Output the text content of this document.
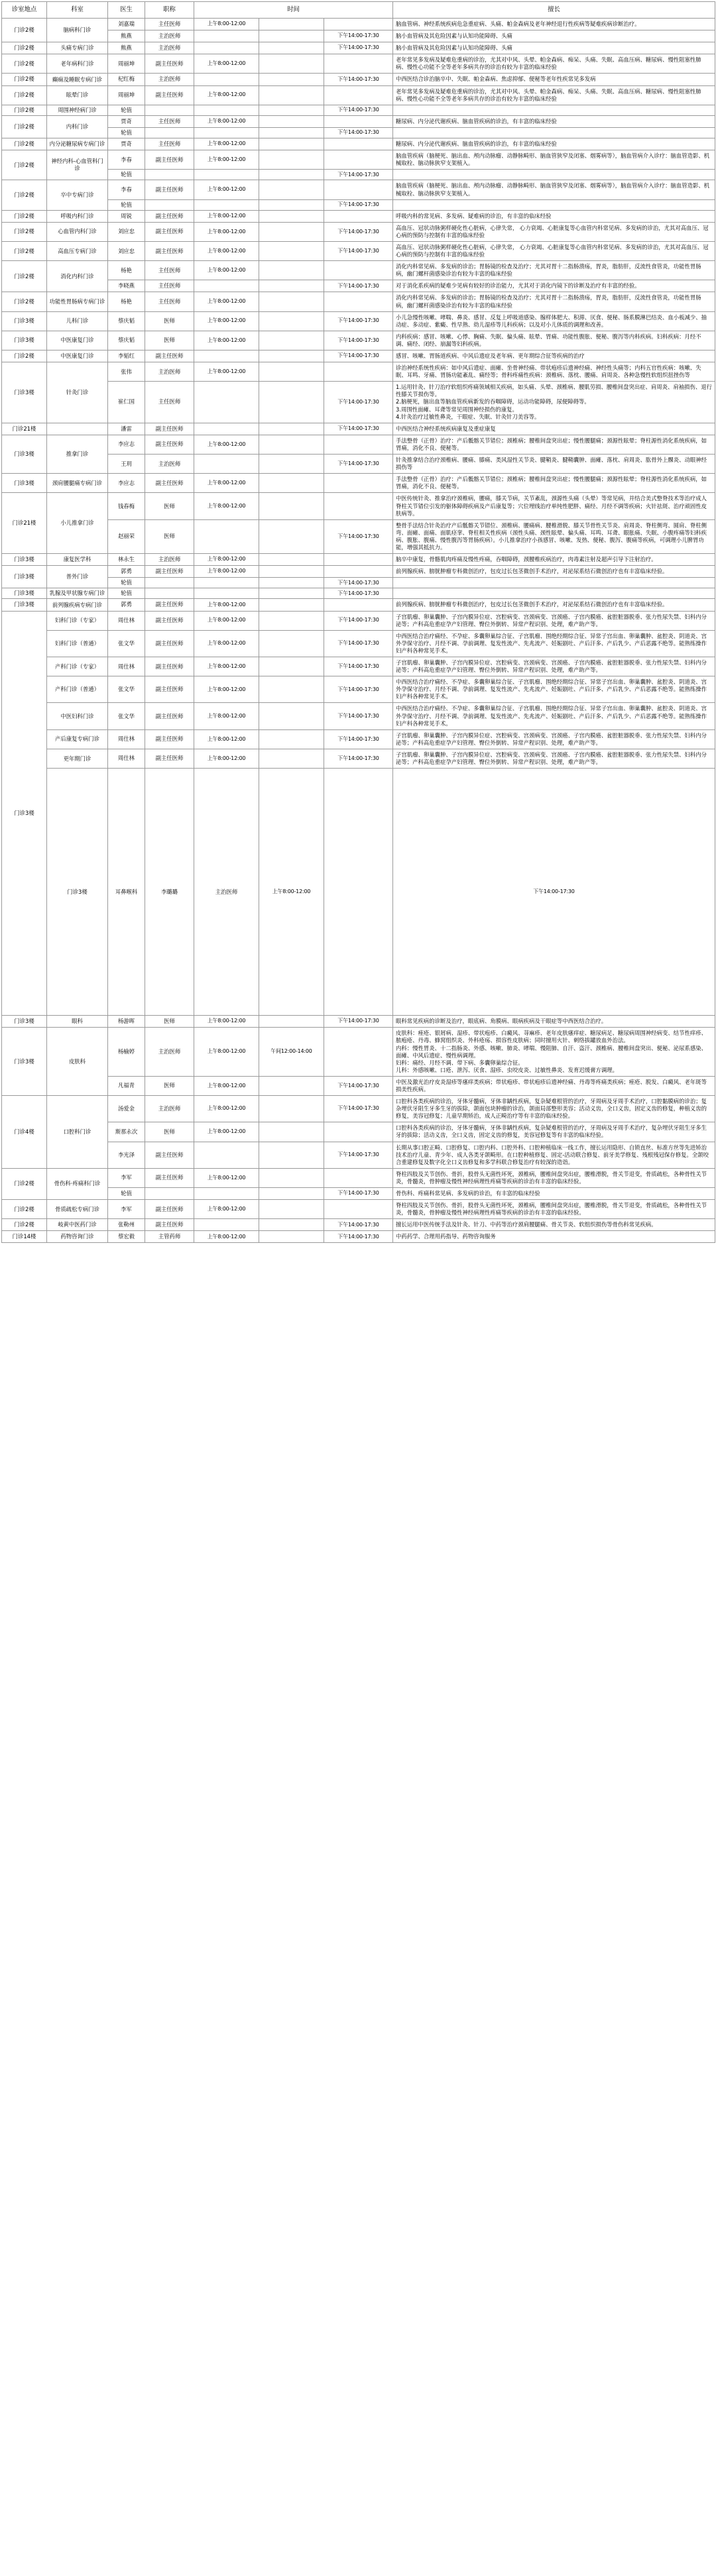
诊室地点	科室	医生	职称	时间			擅长	
门诊2楼	脑病科门诊	刘嘉瑞	主任医师	上午8:00-12:00			脑血管病、神经系统疾病危急重症病、头痛、帕金森病及老年神经退行性疾病等疑难疾病诊断治疗。	
		熊燕	主治医师			下午14:00-17:30	脑小血管病及其危险因素与认知功能障碍、头痛	
门诊2楼	头痛专病门诊	熊燕	主治医师			下午14:00-17:30	脑小血管病及其危险因素与认知功能障碍、头痛	
门诊2楼	老年病科门诊	周丽坤	副主任医师	上午8:00-12:00			老年常见多发病及疑难危重病的诊治，尤其对中风、头晕、帕金森病、痴呆、头痛、失眠、高血压病、糖尿病、慢性阻塞性肺病、慢性心功能不全等老年多病共存的诊治有较为丰富的临床经验	
门诊2楼	癫痫及睡眠专病门诊	杞红梅	主治医师			下午14:00-17:30	中西医结合诊治脑卒中、失眠、帕金森病、焦虑抑郁、便秘等老年性疾常见多发病	
门诊2楼	眩晕门诊	周丽坤	副主任医师	上午8:00-12:00			老年常见多发病及疑难危重病的诊治，尤其对中风、头晕、帕金森病、痴呆、头痛、失眠、高血压病、糖尿病、慢性阻塞性肺病、慢性心功能不全等老年多病共存的诊治有较为丰富的临床经验	
门诊2楼	周围神经病门诊	轮值				下午14:00-17:30		
门诊2楼	内科门诊	贾奇	主任医师	上午8:00-12:00			糖尿病、内分泌代谢疾病、脑血管疾病的诊治，有丰富的临床经验	
		轮值				下午14:00-17:30		
门诊2楼	内分泌糖尿病专病门诊	贾奇	主任医师	上午8:00-12:00			糖尿病、内分泌代谢疾病、脑血管疾病的诊治，有丰富的临床经验	
门诊2楼	神经内科-心血管科门诊	李春	副主任医师	上午8:00-12:00			脑血管疾病（脑梗死、脑出血、颅内动脉瘤、动静脉畸形、脑血管狭窄及闭塞、烟雾病等），脑血管病介入诊疗：脑血管造影、机械取栓、脑动脉狭窄支架植入。	
		轮值				下午14:00-17:30		
门诊2楼	卒中专病门诊	李春	副主任医师	上午8:00-12:00			脑血管疾病（脑梗死、脑出血、颅内动脉瘤、动静脉畸形、脑血管狭窄及闭塞、烟雾病等），脑血管病介入诊疗：脑血管造影、机械取栓、脑动脉狭窄支架植入。	
		轮值				下午14:00-17:30		
门诊2楼	呼吸内科门诊	周锐	副主任医师	上午8:00-12:00			呼吸内科的常见病、多发病、疑难病的诊治，有丰富的临床经验	
门诊2楼	心血管内科门诊	刘应忠	副主任医师	上午8:00-12:00		下午14:00-17:30	高血压、冠状动脉粥样硬化性心脏病，心律失常， 心力衰竭、心脏康复等心血管内科常见病、多发病的诊治，尤其对高血压、冠心病的预防与控制有丰富的临床经验	
门诊2楼	高血压专病门诊	刘应忠	副主任医师	上午8:00-12:00		下午14:00-17:30	高血压、冠状动脉粥样硬化性心脏病，心律失常， 心力衰竭、心脏康复等心血管内科常见病、多发病的诊治，尤其对高血压、冠心病的预防与控制有丰富的临床经验	
门诊2楼	消化内科门诊	杨艳	主任医师	上午8:00-12:00			消化内科常见病、多发病的诊治；胃肠镜的检查及治疗；尤其对胃十二指肠溃疡，胃炎，脂肪肝，反流性食管炎，功能性胃肠病，幽门螺杆菌感染诊治有较为丰富的临床经验	
		李晓燕	主任医师			下午14:00-17:30	对于消化系疾病的疑难少见病有较好的诊治能力，尤其对于消化内镜下的诊断及治疗有丰富的经验。	
门诊2楼	功能性胃肠病专病门诊	杨艳	主任医师	上午8:00-12:00			消化内科常见病、多发病的诊治；胃肠镜的检查及治疗；尤其对胃十二指肠溃疡，胃炎，脂肪肝，反流性食管炎，功能性胃肠病，幽门螺杆菌感染诊治有较为丰富的临床经验	
门诊3楼	儿科门诊	蔡庆韬	医师	上午8:00-12:00		下午14:00-17:30	小儿急慢性咳嗽、哮喘、鼻炎、感冒、反复上呼吸道感染、腺样体肥大、积滞、厌食、便秘、肠系膜淋巴结炎、血小板减少、抽动症、多动症、紫癜、性早熟、幼儿湿疹等儿科疾病；以及对小儿体质的调理和改善。	
门诊3楼	中医康复门诊	蔡庆韬	医师	上午8:00-12:00		下午14:00-17:30	内科疾病：感冒、咳嗽、心悸、胸痛、失眠、偏头痛、眩晕、胃痛、功能性腹胀、便秘、腹泻等内科疾病。妇科疾病：月经不调、痛经、闭经、崩漏等妇科疾病。	
门诊2楼	中医康复门诊	李韬红	副主任医师			下午14:00-17:30	感冒、咳嗽、胃肠道疾病、中风后遗症及老年病、更年期综合征等疾病的治疗	
门诊3楼	针灸门诊	张伟	主治医师	上午8:00-12:00			诊治神经系统性疾病：如中风后遗症、面瘫、坐骨神经痛、带状疱疹后遗神经痛、神经性头痛等；内科五官性疾病：咳嗽、失眠、耳鸣、牙痛、胃肠功能紊乱、痛经等；骨科疼痛性疾病：颈椎病、落枕、腰痛、肩周炎、各种急慢性软组织扭挫伤等	
		崔仁国	主任医师			下午14:00-17:30	1.运用针灸、针刀治疗软组织疼痛领域相关疾病，如头痛、头晕、颈椎病、腰肌劳损、腰椎间盘突出症、肩周炎、肩袖损伤、退行性膝关节损伤等。
2.脑梗死，脑出血等脑血管疾病新发的吞咽障碍，运动功能障碍，尿便障碍等。
3.周围性面瘫、耳聋等常见周围神经损伤的康复。
4.针灸治疗过敏性鼻炎，干眼症、失眠、针灸针刀美容等。	
门诊21楼		潘雷	副主任医师			下午14:00-17:30	中西医结合神经系统疾病康复及重症康复	
门诊3楼	推拿门诊	李应志	副主任医师	上午8:00-12:00			手法整骨（正骨）治疗：产后骶髂关节错位；颈椎病；腰椎间盘突出症；慢性腰腿痛；颈源性眩晕；脊柱源性消化系统疾病，如胃痛，消化不良、便秘等。	
		王玥	主治医师			下午14:00-17:30	针灸推拿结合治疗颈椎病、腰痛、膝痛、类风湿性关节炎、腱鞘炎、腱鞘囊肿、面瘫、落枕、肩周炎、肱骨外上髁炎、动眼神经损伤等	
门诊3楼	颈肩腰腿痛专病门诊	李应志	副主任医师	上午8:00-12:00			手法整骨（正骨）治疗：产后骶髂关节错位；颈椎病；腰椎间盘突出症；慢性腰腿痛；颈源性眩晕；脊柱源性消化系统疾病，如胃痛，消化不良、便秘等。	
门诊21楼	小儿推拿门诊	钱春梅	医师	上午8:00-12:00			中医传统针灸、推拿治疗颈椎病，腰痛，膝关节病，关节紊乱，颈源性头痛（头晕）等常见病，并结合美式整脊技术等治疗成人脊柱关节错位引发的躯体障碍疾病及产后康复等；穴位埋线治疗单纯性肥胖、痛经、月经不调等疾病；火针祛斑、治疗顽固性皮肤病等。	
		赵丽荣	医师			下午14:00-17:30	整骨手法结合针灸治疗产后骶髂关节错位、颈椎病、腰痛病、腰椎滑脱、膝关节骨性关节炎、肩周炎、脊柱侧弯、圆肩、脊柱侧弯、面瘫、面痛、面肌痉挛、脊柱相关性疾病（颈性头痛、颈性眩晕、偏头痛、耳鸣、耳聋、眼胀痛、失眠、小腹疼痛等妇科疾病、腹胀、腹痛、慢性腹泻等胃肠疾病）。小儿推拿治疗小孩感冒、咳嗽、发热、便秘、腹泻、腹痛等疾病，可调理小儿脾胃功能，增强其抵抗力。	
门诊3楼	康复医学科	林永生	主治医师	上午8:00-12:00			脑卒中康复，骨骼肌肉疼痛及慢性疼痛，吞咽障碍，颈腰椎疾病治疗，肉毒素注射及超声引导下注射治疗。	
门诊3楼	普外门诊	郭勇	副主任医师	上午8:00-12:00			前列腺疾病、膀胱肿瘤专科微创治疗，包皮过长包茎微创手术治疗，对泌尿系结石微创治疗也有丰富临床经验。	
		轮值				下午14:00-17:30		
门诊3楼	乳腺及甲状腺专病门诊	轮值				下午14:00-17:30		
门诊3楼	前列腺疾病专病门诊	郭勇	副主任医师	上午8:00-12:00			前列腺疾病、膀胱肿瘤专科微创治疗，包皮过长包茎微创手术治疗，对泌尿系结石微创治疗也有丰富临床经验。	
门诊3楼	妇科门诊（专家）	周仕林	副主任医师	上午8:00-12:00		下午14:00-17:30	子宫肌瘤、卵巢囊肿、子宫内膜异位症、宫腔病变、宫颈病变、宫颈癌、子宫内膜癌、盆腔脏器脱垂、张力性尿失禁、妇科内分泌等；产科高危重症孕产妇管理、臀位外倒转、异常产程识别、处理，难产助产等。	
	妇科门诊（普通）	张文华	副主任医师	上午8:00-12:00		下午14:00-17:30	中西医结合治疗痛经、不孕症、多囊卵巢综合征、子宫肌瘤、围绝经期综合征、异常子宫出血、卵巢囊肿、盆腔炎、阴道炎、宫外孕保守治疗、月经不调、孕前调理、复发性流产、先兆流产、妊娠剧吐、产后汗多、产后乳少、产后恶露不绝等。能熟练操作妇产科各种常见手术。	
	产科门诊（专家）	周仕林	副主任医师	上午8:00-12:00		下午14:00-17:30	子宫肌瘤、卵巢囊肿、子宫内膜异位症、宫腔病变、宫颈病变、宫颈癌、子宫内膜癌、盆腔脏器脱垂、张力性尿失禁、妇科内分泌等；产科高危重症孕产妇管理、臀位外倒转、异常产程识别、处理，难产助产等。	
	产科门诊（普通）	张文华	副主任医师	上午8:00-12:00		下午14:00-17:30	中西医结合治疗痛经、不孕症、多囊卵巢综合征、子宫肌瘤、围绝经期综合征、异常子宫出血、卵巢囊肿、盆腔炎、阴道炎、宫外孕保守治疗、月经不调、孕前调理、复发性流产、先兆流产、妊娠剧吐、产后汗多、产后乳少、产后恶露不绝等。能熟练操作妇产科各种常见手术。	
	中医妇科门诊	张文华	副主任医师	上午8:00-12:00		下午14:00-17:30	中西医结合治疗痛经、不孕症、多囊卵巢综合征、子宫肌瘤、围绝经期综合征、异常子宫出血、卵巢囊肿、盆腔炎、阴道炎、宫外孕保守治疗、月经不调、孕前调理、复发性流产、先兆流产、妊娠剧吐、产后汗多、产后乳少、产后恶露不绝等。能熟练操作妇产科各种常见手术。	
	产后康复专病门诊	周仕林	副主任医师	上午8:00-12:00		下午14:00-17:30	子宫肌瘤、卵巢囊肿、子宫内膜异位症、宫腔病变、宫颈病变、宫颈癌、子宫内膜癌、盆腔脏器脱垂、张力性尿失禁、妇科内分泌等；产科高危重症孕产妇管理、臀位外倒转、异常产程识别、处理，难产助产等。	
	更年期门诊	周仕林	副主任医师	上午8:00-12:00		下午14:00-17:30	子宫肌瘤、卵巢囊肿、子宫内膜异位症、宫腔病变、宫颈病变、宫颈癌、子宫内膜癌、盆腔脏器脱垂、张力性尿失禁、妇科内分泌等；产科高危重症孕产妇管理、臀位外倒转、异常产程识别、处理，难产助产等。	
	门诊3楼	耳鼻喉科	李璐璐	主治医师	上午8:00-12:00		下午14:00-17:30	
门诊3楼	眼科	杨游晖	医师	上午8:00-12:00		下午14:00-17:30	眼科常见疾病的诊断及治疗，眼底病、角膜病、眼病疾病及干眼症等中西医结合治疗。	
门诊3楼	皮肤科	杨榆婷	主治医师	上午8:00-12:00	午间12:00-14:00		皮肤科：痤疮、银屑病、湿疹、带状疱疹、白癜风、荨麻疹、老年皮肤瘙痒症、糖尿病足、糖尿病周围神经病变、结节性痒疹、脓疱疮、丹毒、蜂窝组织炎、外科疮疡、损容性皮肤病；同时擅用火针、刺络拔罐放血外治法。
内科：慢性胃炎、十二指肠炎、外感、咳嗽、肺炎、哮喘、慢阻肺、自汗、盗汗、颈椎病、腰椎间盘突出、便秘、泌尿系感染、面瘫、中风后遗症、慢性病调理。
妇科：痛经、月经不调、带下病、多囊卵巢综合征。
儿科：外感咳嗽、口疮、泄泻、厌食、湿疹、虫咬皮炎、过敏性鼻炎、发育迟缓膏方调理。	
		凡福青	医师	上午8:00-12:00		下午14:00-17:30	中医及激光治疗皮炎湿疹等瘙痒类疾病；带状疱疹、带状疱疹后遗神经痛、丹毒等疼痛类疾病；痤疮、脱发、白癜风、老年斑等损美性疾病。	
门诊4楼	口腔科门诊	汤爱金	主治医师	上午8:00-12:00		下午14:00-17:30	口腔科各类疾病的诊治，牙体牙髓病，牙体非龋性疾病，复杂疑难根管的治疗，牙周病及牙周手术治疗，口腔黏膜病的诊治；复杂埋伏牙阻生牙多生牙的拔除，颌面包块肿瘤的诊治，颌面局部整形美容；活动义齿，全口义齿，固定义齿的修复，种植义齿的修复，美容冠修复；儿童早期矫治，成人正畸治疗等有丰富的临床经验。	
		斯那永次	医师	上午8:00-12:00			口腔科各类疾病的诊治，牙体牙髓病，牙体非龋性疾病，复杂疑难根管的治疗，牙周病及牙周手术治疗，复杂埋伏牙阻生牙多生牙的拔除；活动义齿，全口义齿，固定义齿的修复，美容冠修复等有丰富的临床经验。	
		李光泽	副主任医师			下午14:00-17:30	长期从事口腔正畸、口腔修复、口腔内科、口腔外科、口腔种植临床一线工作，擅长运用隐形、自锁直丝、标准方丝等先进矫治技术治疗儿童、青少年、成人各类牙颌畸形。在口腔种植修复、固定-活动联合修复、前牙美学修复、残根残冠保存修复。全颌咬合重建修复及数字化全口义齿修复和多学科联合修复治疗有较深的造诣。	
门诊2楼	骨伤科·疼痛科门诊	李军	副主任医师	上午8:00-12:00			脊柱四肢及关节创伤、骨折，股骨头无菌性坏死，颈椎病，腰椎间盘突出症，腰椎滑脱，骨关节退变，骨质疏松，各种骨性关节炎，骨髓炎，骨肿瘤及慢性神经病理性疼痛等疾病的诊治有丰富的临床经验。	
		轮值				下午14:00-17:30	骨伤科、疼痛科常见病、多发病的诊治，有丰富的临床经验	
门诊2楼	骨质疏松专病门诊	李军	副主任医师	上午8:00-12:00			脊柱四肢及关节创伤、骨折，股骨头无菌性坏死，颈椎病，腰椎间盘突出症，腰椎滑脱，骨关节退变，骨质疏松，各种骨性关节炎，骨髓炎，骨肿瘤及慢性神经病理性疼痛等疾病的诊治有丰富的临床经验。	
门诊2楼	岐黄中医药门诊	张勒州	副主任医师			下午14:00-17:30	擅长运用中医传统手法及针灸、针刀、中药等治疗颈肩腰腿痛、骨关节炎、软组织损伤等骨伤科常见疾病。	
门诊14楼	药物咨询门诊	蔡宏毅	主管药师	上午8:00-12:00		下午14:00-17:30	中药药学、合理用药指导、药物咨询服务	
